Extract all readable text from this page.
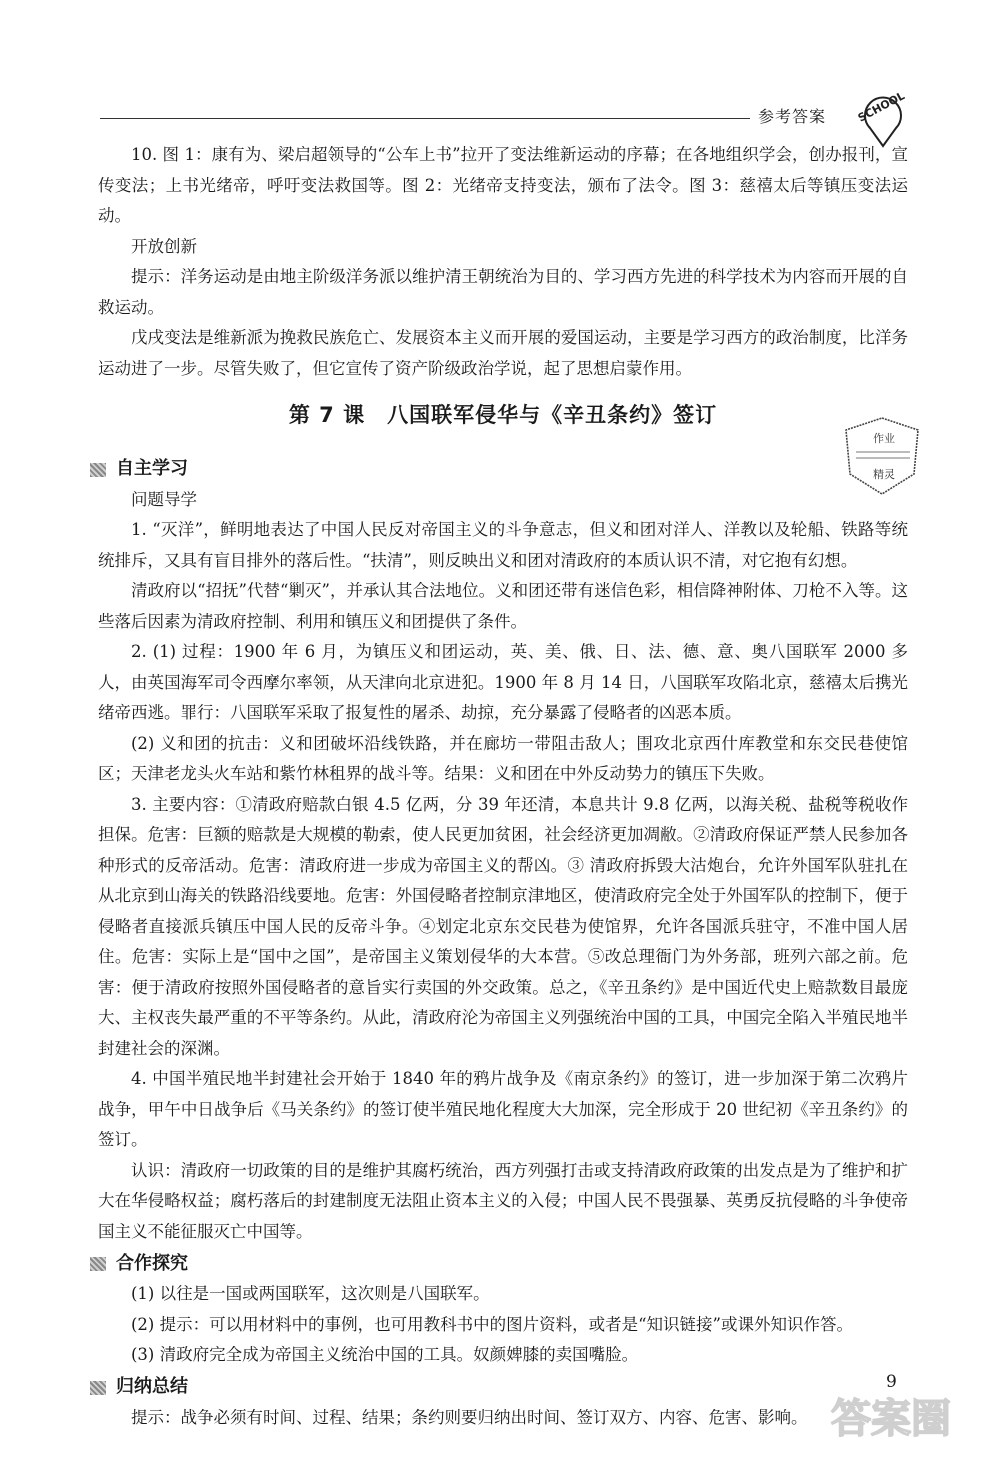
参考答案	SCHOOL
作业
精灵

10. 图 1：康有为、梁启超领导的“公车上书”拉开了变法维新运动的序幕；在各地组织学会，创办报刊，宣传变法；上书光绪帝，呼吁变法救国等。图 2：光绪帝支持变法，颁布了法令。图 3：慈禧太后等镇压变法运动。

开放创新

提示：洋务运动是由地主阶级洋务派以维护清王朝统治为目的、学习西方先进的科学技术为内容而开展的自救运动。

戊戌变法是维新派为挽救民族危亡、发展资本主义而开展的爱国运动，主要是学习西方的政治制度，比洋务运动进了一步。尽管失败了，但它宣传了资产阶级政治学说，起了思想启蒙作用。

第 7 课　八国联军侵华与《辛丑条约》签订
自主学习

问题导学

1. “灭洋”，鲜明地表达了中国人民反对帝国主义的斗争意志，但义和团对洋人、洋教以及轮船、铁路等统统排斥，又具有盲目排外的落后性。“扶清”，则反映出义和团对清政府的本质认识不清，对它抱有幻想。

清政府以“招抚”代替“剿灭”，并承认其合法地位。义和团还带有迷信色彩，相信降神附体、刀枪不入等。这些落后因素为清政府控制、利用和镇压义和团提供了条件。

2. (1) 过程：1900 年 6 月，为镇压义和团运动，英、美、俄、日、法、德、意、奥八国联军 2000 多人，由英国海军司令西摩尔率领，从天津向北京进犯。1900 年 8 月 14 日，八国联军攻陷北京，慈禧太后携光绪帝西逃。罪行：八国联军采取了报复性的屠杀、劫掠，充分暴露了侵略者的凶恶本质。

(2) 义和团的抗击：义和团破坏沿线铁路，并在廊坊一带阻击敌人；围攻北京西什库教堂和东交民巷使馆区；天津老龙头火车站和紫竹林租界的战斗等。结果：义和团在中外反动势力的镇压下失败。

3. 主要内容：①清政府赔款白银 4.5 亿两，分 39 年还清，本息共计 9.8 亿两，以海关税、盐税等税收作担保。危害：巨额的赔款是大规模的勒索，使人民更加贫困，社会经济更加凋敝。②清政府保证严禁人民参加各种形式的反帝活动。危害：清政府进一步成为帝国主义的帮凶。③ 清政府拆毁大沽炮台，允许外国军队驻扎在从北京到山海关的铁路沿线要地。危害：外国侵略者控制京津地区，使清政府完全处于外国军队的控制下，便于侵略者直接派兵镇压中国人民的反帝斗争。④划定北京东交民巷为使馆界，允许各国派兵驻守，不准中国人居住。危害：实际上是“国中之国”，是帝国主义策划侵华的大本营。⑤改总理衙门为外务部，班列六部之前。危害：便于清政府按照外国侵略者的意旨实行卖国的外交政策。总之，《辛丑条约》是中国近代史上赔款数目最庞大、主权丧失最严重的不平等条约。从此，清政府沦为帝国主义列强统治中国的工具，中国完全陷入半殖民地半封建社会的深渊。

4. 中国半殖民地半封建社会开始于 1840 年的鸦片战争及《南京条约》的签订，进一步加深于第二次鸦片战争，甲午中日战争后《马关条约》的签订使半殖民地化程度大大加深，完全形成于 20 世纪初《辛丑条约》的签订。

认识：清政府一切政策的目的是维护其腐朽统治，西方列强打击或支持清政府政策的出发点是为了维护和扩大在华侵略权益；腐朽落后的封建制度无法阻止资本主义的入侵；中国人民不畏强暴、英勇反抗侵略的斗争使帝国主义不能征服灭亡中国等。

合作探究

(1) 以往是一国或两国联军，这次则是八国联军。

(2) 提示：可以用材料中的事例，也可用教科书中的图片资料，或者是“知识链接”或课外知识作答。

(3) 清政府完全成为帝国主义统治中国的工具。奴颜婢膝的卖国嘴脸。

归纳总结

提示：战争必须有时间、过程、结果；条约则要归纳出时间、签订双方、内容、危害、影响。

9
答案圈
